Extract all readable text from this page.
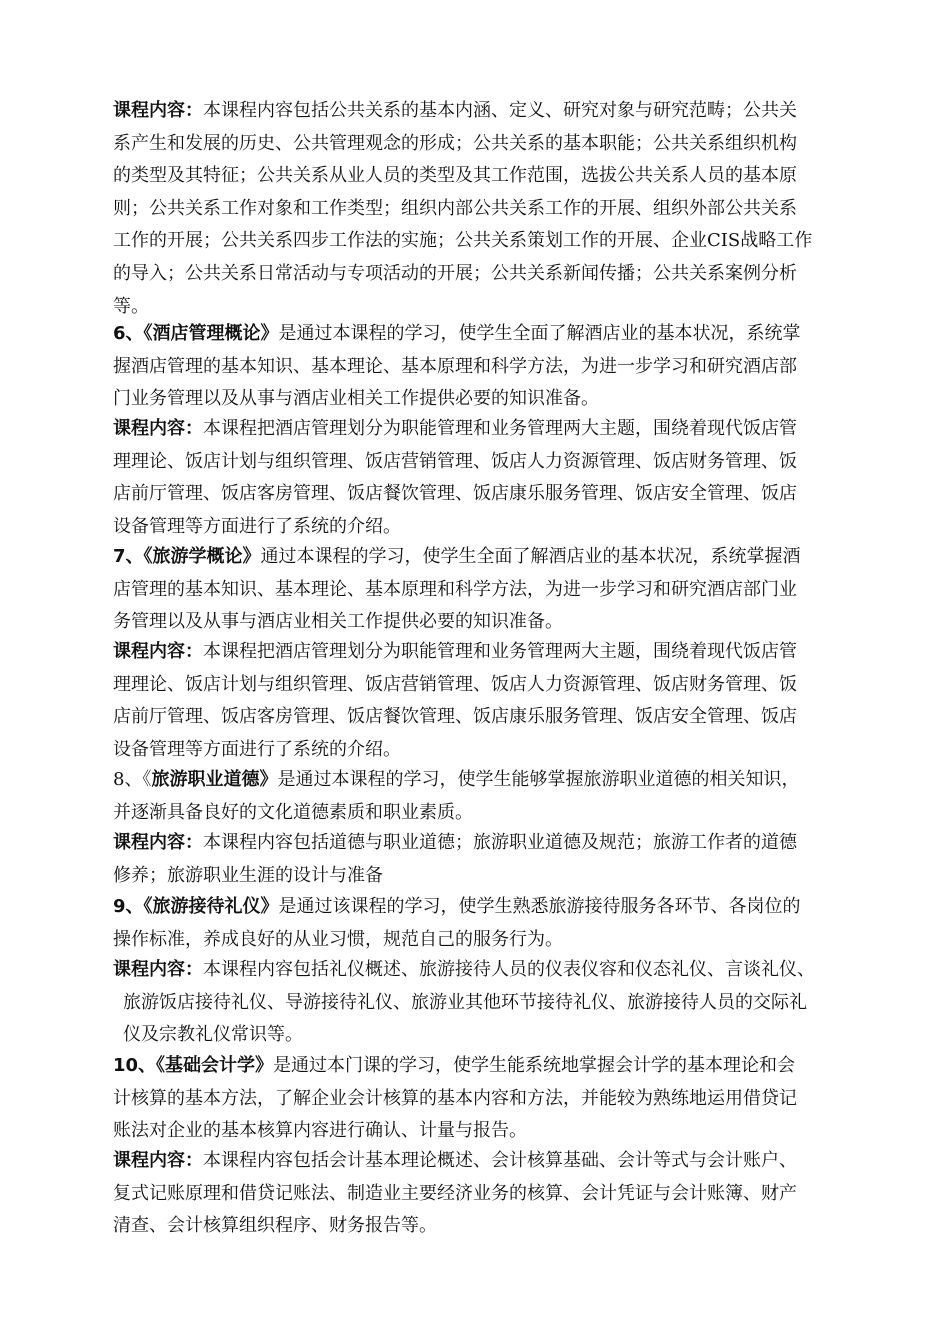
课程内容：本课程内容包括公共关系的基本内涵、定义、研究对象与研究范畴；公共关
系产生和发展的历史、公共管理观念的形成；公共关系的基本职能；公共关系组织机构
的类型及其特征；公共关系从业人员的类型及其工作范围，选拔公共关系人员的基本原
则；公共关系工作对象和工作类型；组织内部公共关系工作的开展、组织外部公共关系
工作的开展；公共关系四步工作法的实施；公共关系策划工作的开展、企业CIS战略工作
的导入；公共关系日常活动与专项活动的开展；公共关系新闻传播；公共关系案例分析
等。
6、《酒店管理概论》是通过本课程的学习，使学生全面了解酒店业的基本状况，系统掌
握酒店管理的基本知识、基本理论、基本原理和科学方法，为进一步学习和研究酒店部
门业务管理以及从事与酒店业相关工作提供必要的知识准备。
课程内容：本课程把酒店管理划分为职能管理和业务管理两大主题，围绕着现代饭店管
理理论、饭店计划与组织管理、饭店营销管理、饭店人力资源管理、饭店财务管理、饭
店前厅管理、饭店客房管理、饭店餐饮管理、饭店康乐服务管理、饭店安全管理、饭店
设备管理等方面进行了系统的介绍。
7、《旅游学概论》通过本课程的学习，使学生全面了解酒店业的基本状况，系统掌握酒
店管理的基本知识、基本理论、基本原理和科学方法，为进一步学习和研究酒店部门业
务管理以及从事与酒店业相关工作提供必要的知识准备。
课程内容：本课程把酒店管理划分为职能管理和业务管理两大主题，围绕着现代饭店管
理理论、饭店计划与组织管理、饭店营销管理、饭店人力资源管理、饭店财务管理、饭
店前厅管理、饭店客房管理、饭店餐饮管理、饭店康乐服务管理、饭店安全管理、饭店
设备管理等方面进行了系统的介绍。
8、《旅游职业道德》是通过本课程的学习，使学生能够掌握旅游职业道德的相关知识，
并逐渐具备良好的文化道德素质和职业素质。
课程内容：本课程内容包括道德与职业道德；旅游职业道德及规范；旅游工作者的道德
修养；旅游职业生涯的设计与准备
9、《旅游接待礼仪》是通过该课程的学习，使学生熟悉旅游接待服务各环节、各岗位的
操作标准，养成良好的从业习惯，规范自己的服务行为。
课程内容：本课程内容包括礼仪概述、旅游接待人员的仪表仪容和仪态礼仪、言谈礼仪、
旅游饭店接待礼仪、导游接待礼仪、旅游业其他环节接待礼仪、旅游接待人员的交际礼
仪及宗教礼仪常识等。
10、《基础会计学》是通过本门课的学习，使学生能系统地掌握会计学的基本理论和会
计核算的基本方法，了解企业会计核算的基本内容和方法，并能较为熟练地运用借贷记
账法对企业的基本核算内容进行确认、计量与报告。
课程内容：本课程内容包括会计基本理论概述、会计核算基础、会计等式与会计账户、
复式记账原理和借贷记账法、制造业主要经济业务的核算、会计凭证与会计账簿、财产
清查、会计核算组织程序、财务报告等。
